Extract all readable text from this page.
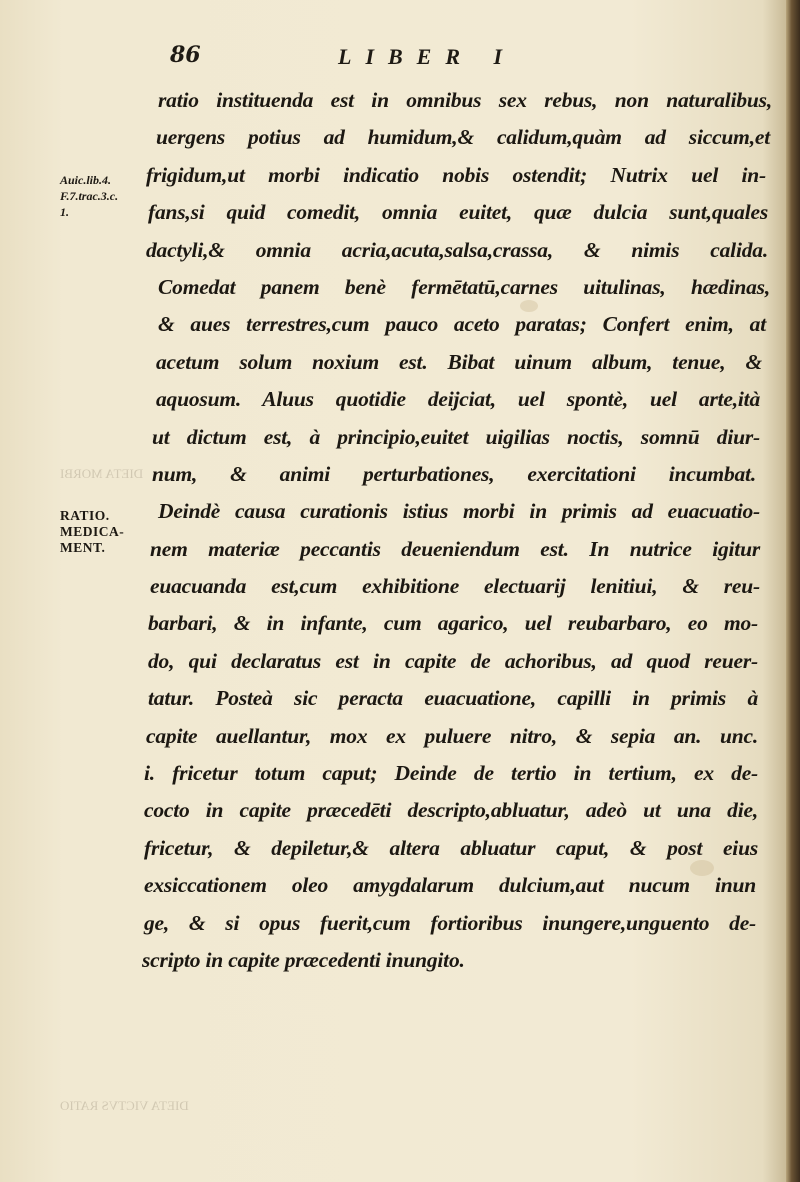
86	LIBER I
Auic.lib.4.
F.7.trac.3.c.
1.
DIETA MORBI
DIETA VICTVS RATIO
RATIO.
MEDICA-
MENT.
ratio instituenda est in omnibus sex rebus, non naturalibus,
uergens potius ad humidum,& calidum,quàm ad siccum,et
frigidum,ut morbi indicatio nobis ostendit; Nutrix uel in-
fans,si quid comedit, omnia euitet, quæ dulcia sunt,quales
dactyli,& omnia acria,acuta,salsa,crassa, & nimis calida.
Comedat panem benè fermētatū,carnes uitulinas, hædinas,
& aues terrestres,cum pauco aceto paratas; Confert enim, at
acetum solum noxium est. Bibat uinum album, tenue, &
aquosum. Aluus quotidie deijciat, uel spontè, uel arte,ità
ut dictum est, à principio,euitet uigilias noctis, somnū diur-
num, & animi perturbationes, exercitationi incumbat.
Deindè causa curationis istius morbi in primis ad euacuatio-
nem materiæ peccantis deueniendum est. In nutrice igitur
euacuanda est,cum exhibitione electuarij lenitiui, & reu-
barbari, & in infante, cum agarico, uel reubarbaro, eo mo-
do, qui declaratus est in capite de achoribus, ad quod reuer-
tatur. Posteà sic peracta euacuatione, capilli in primis à
capite auellantur, mox ex puluere nitro, & sepia an. unc.
i. fricetur totum caput; Deinde de tertio in tertium, ex de-
cocto in capite præcedēti descripto,abluatur, adeò ut una die,
fricetur, & depiletur,& altera abluatur caput, & post eius
exsiccationem oleo amygdalarum dulcium,aut nucum inun
ge, & si opus fuerit,cum fortioribus inungere,unguento de-
scripto in capite præcedenti inungito.
